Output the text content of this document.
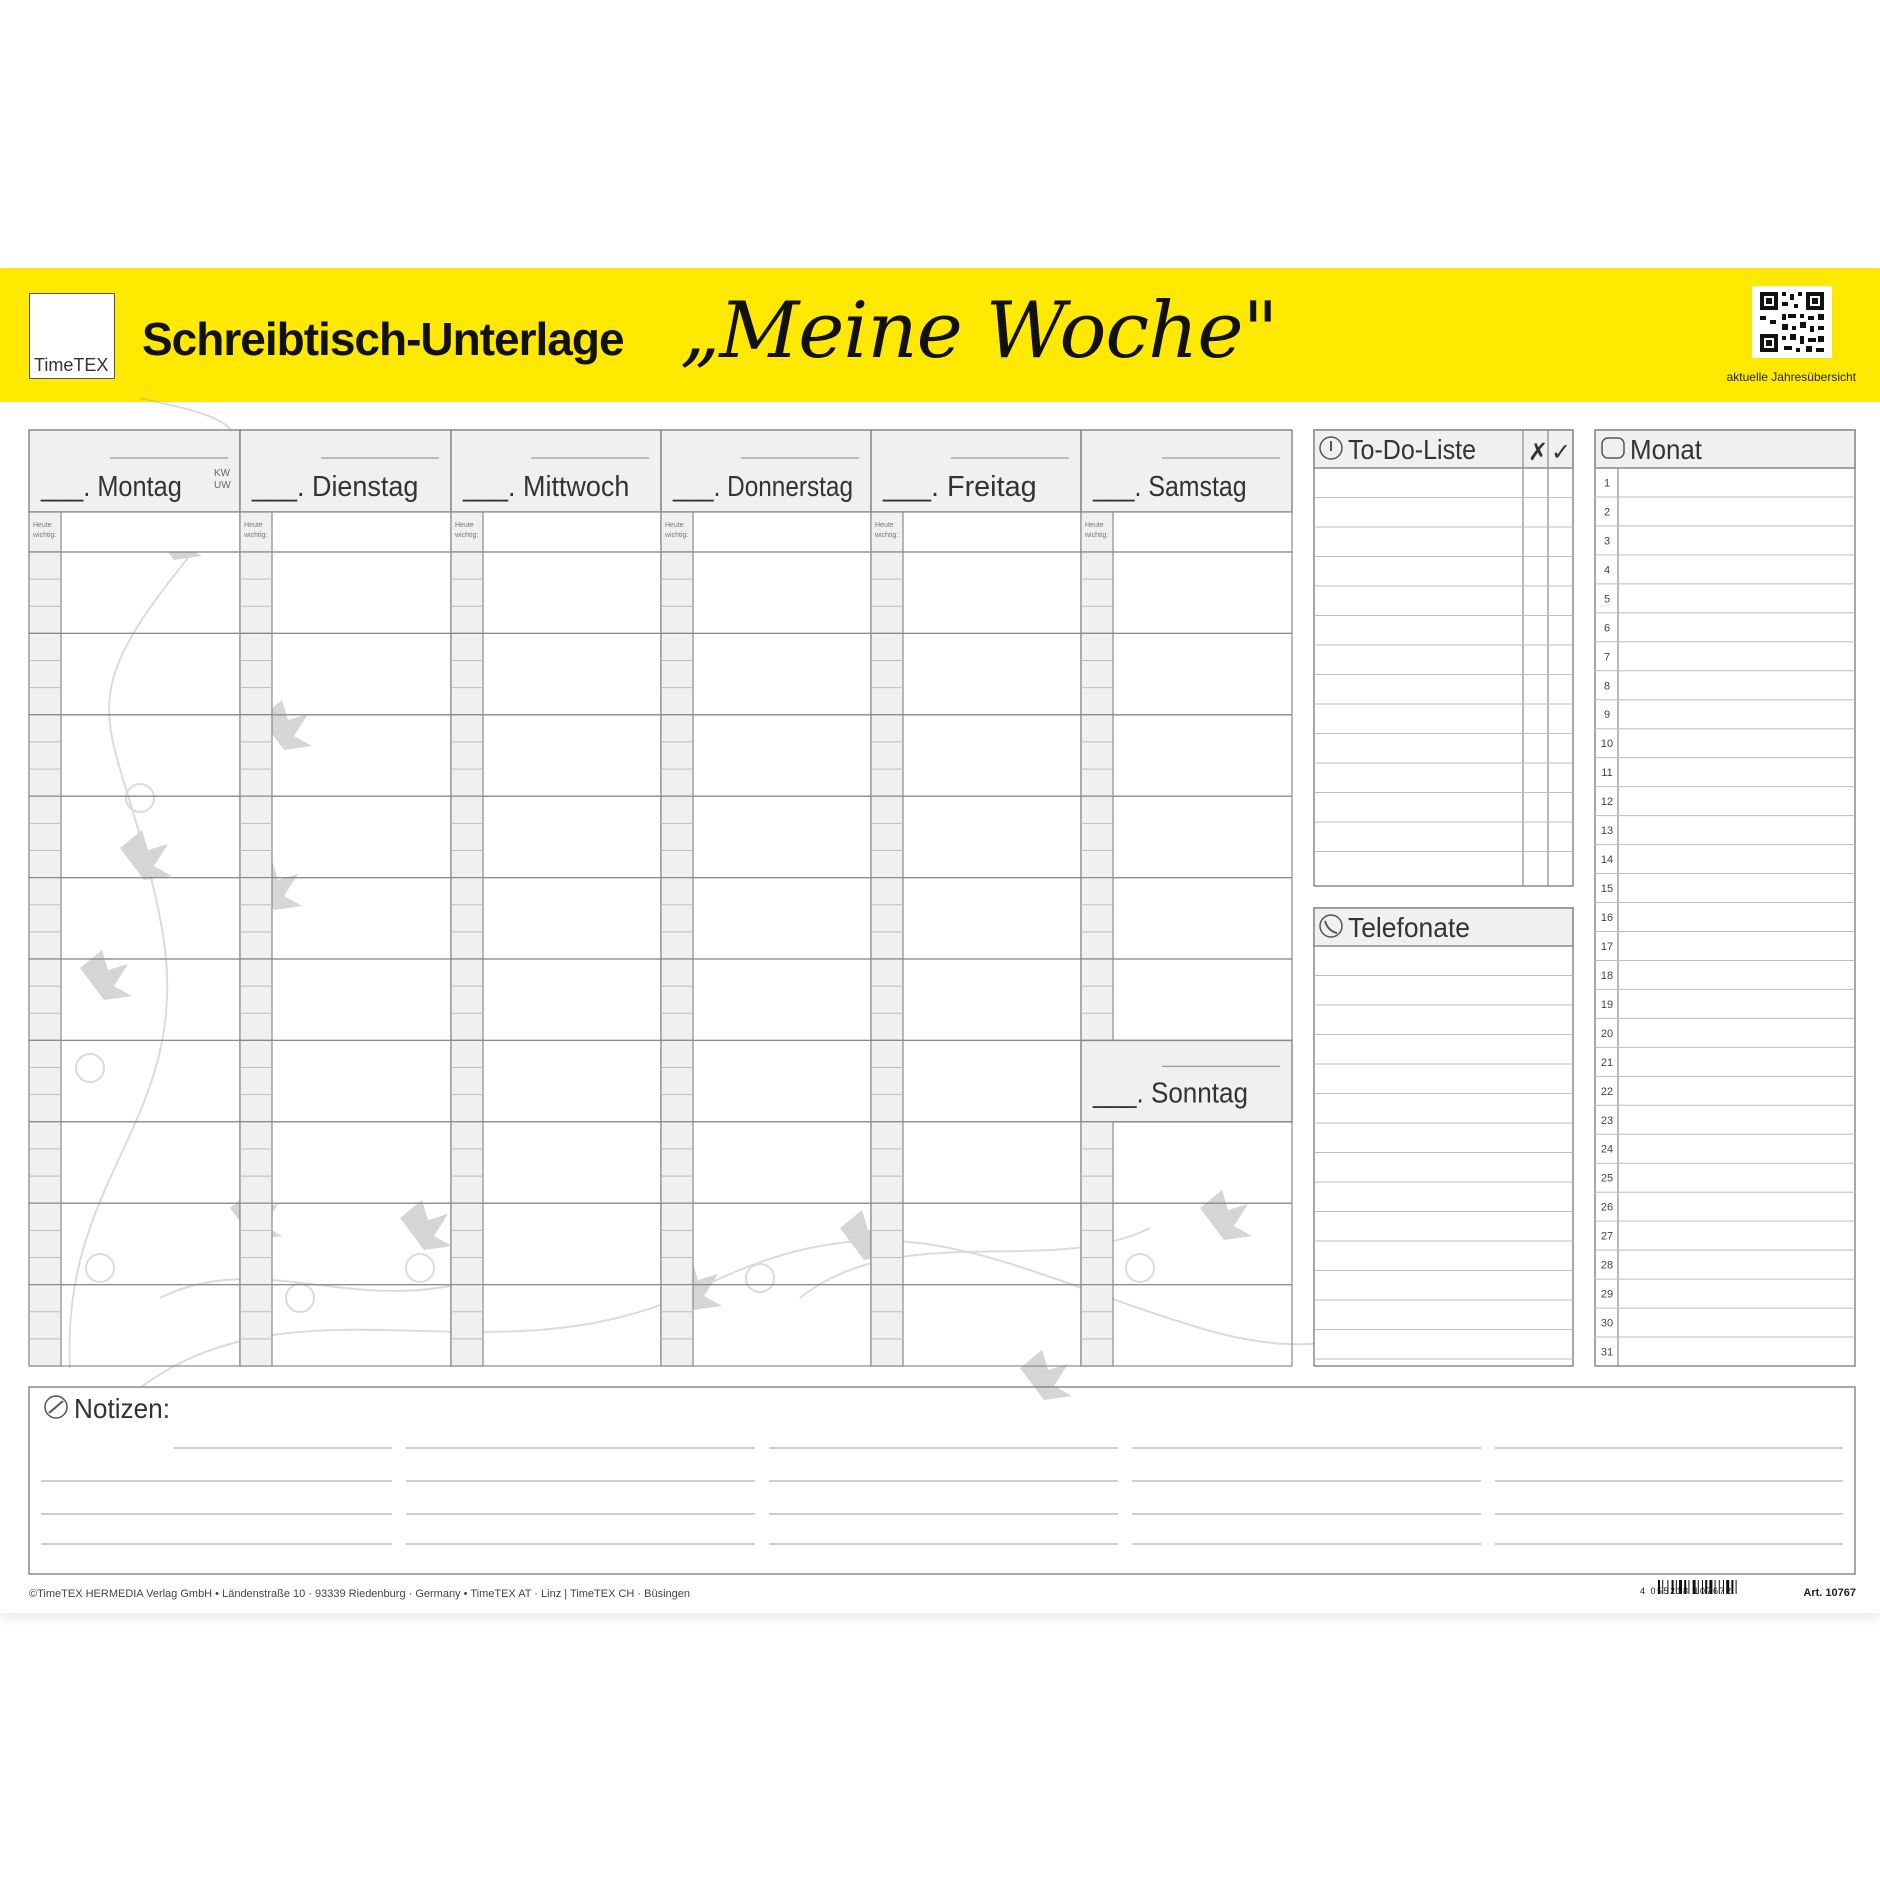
TimeTEX Schreibtisch-Unterlage „Meine Woche"
aktuelle Jahresübersicht
___. Montag	KW
UW
Heute
wichtig:
___. Dienstag
Heute
wichtig:
___. Mittwoch
Heute
wichtig:
___. Donnerstag
Heute
wichtig:
___. Freitag
Heute
wichtig:
___. Samstag
Heute
wichtig:
___. Sonntag
To-Do-Liste ✗ ✓
Telefonate
Monat
1
2
3
4
5
6
7
8
9
10
11
12
13
14
15
16
17
18
19
20
21
22
23
24
25
26
27
28
29
30
31
Notizen:
©TimeTEX HERMEDIA Verlag GmbH • Ländenstraße 10 · 93339 Riedenburg · Germany • TimeTEX AT · Linz | TimeTEX CH · Büsingen	4 055218 107672	Art. 10767
